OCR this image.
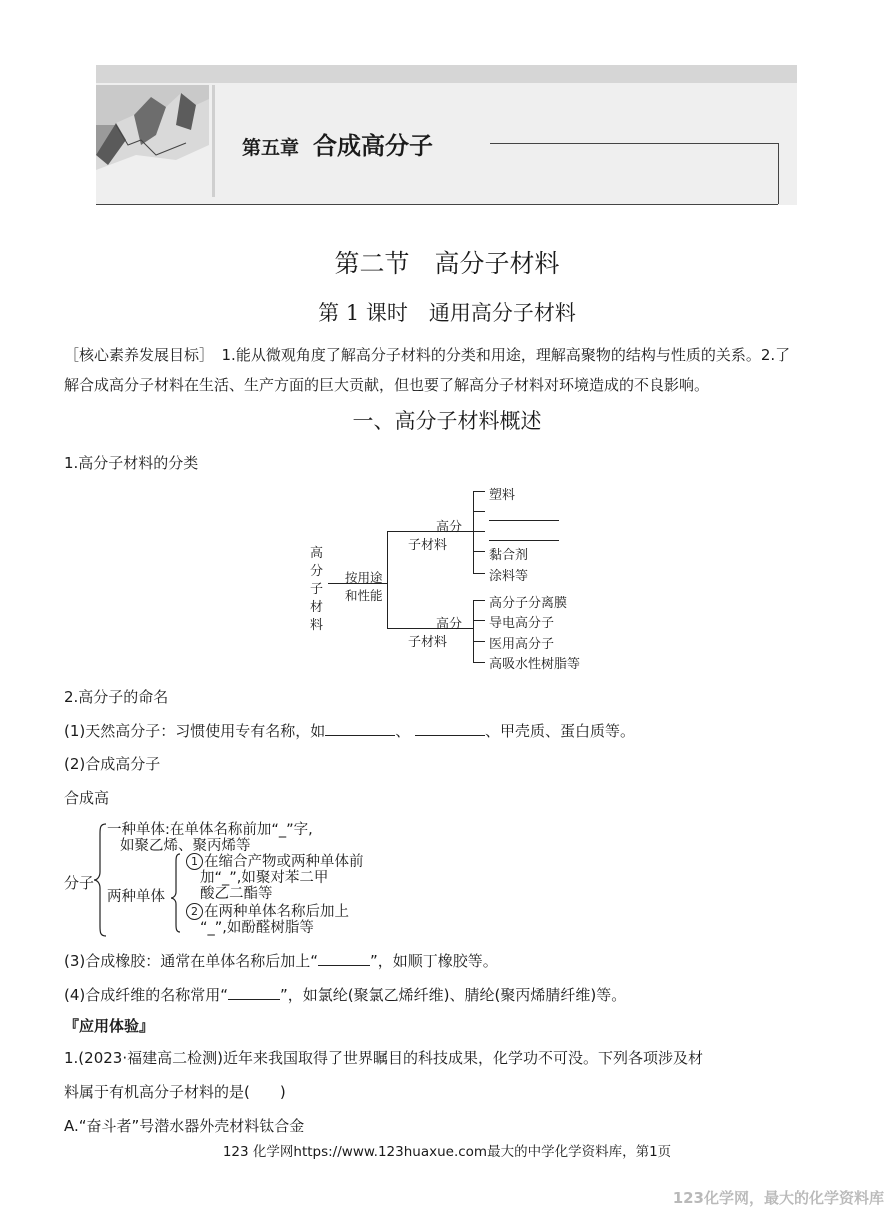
第五章 合成高分子
第二节　高分子材料
第 1 课时　通用高分子材料
［核心素养发展目标］　1.能从微观角度了解高分子材料的分类和用途，理解高聚物的结构与性质的关系。2.了
解合成高分子材料在生活、生产方面的巨大贡献，但也要了解高分子材料对环境造成的不良影响。
一、高分子材料概述
1.高分子材料的分类
高
分
子
材
料
按用途
和性能
高分
子材料
塑料
黏合剂
涂料等
高分
子材料
高分子分离膜
导电高分子
医用高分子
高吸水性树脂等
2.高分子的命名
(1)天然高分子：习惯使用专有名称，如	、	、甲壳质、蛋白质等。
(2)合成高分子
合成高
分子
一种单体:在单体名称前加“_”字,
如聚乙烯、聚丙烯等
两种单体
1 在缩合产物或两种单体前
加“_”,如聚对苯二甲
酸乙二酯等
2 在两种单体名称后加上
“_”,如酚醛树脂等
(3)合成橡胶：通常在单体名称后加上“	”，如顺丁橡胶等。
(4)合成纤维的名称常用“	”，如氯纶(聚氯乙烯纤维)、腈纶(聚丙烯腈纤维)等。
『应用体验』
1.(2023·福建高二检测)近年来我国取得了世界瞩目的科技成果，化学功不可没。下列各项涉及材
料属于有机高分子材料的是(　　)
A.“奋斗者”号潜水器外壳材料钛合金
123 化学网https://www.123huaxue.com最大的中学化学资料库，第1页
123化学网，最大的化学资料库
